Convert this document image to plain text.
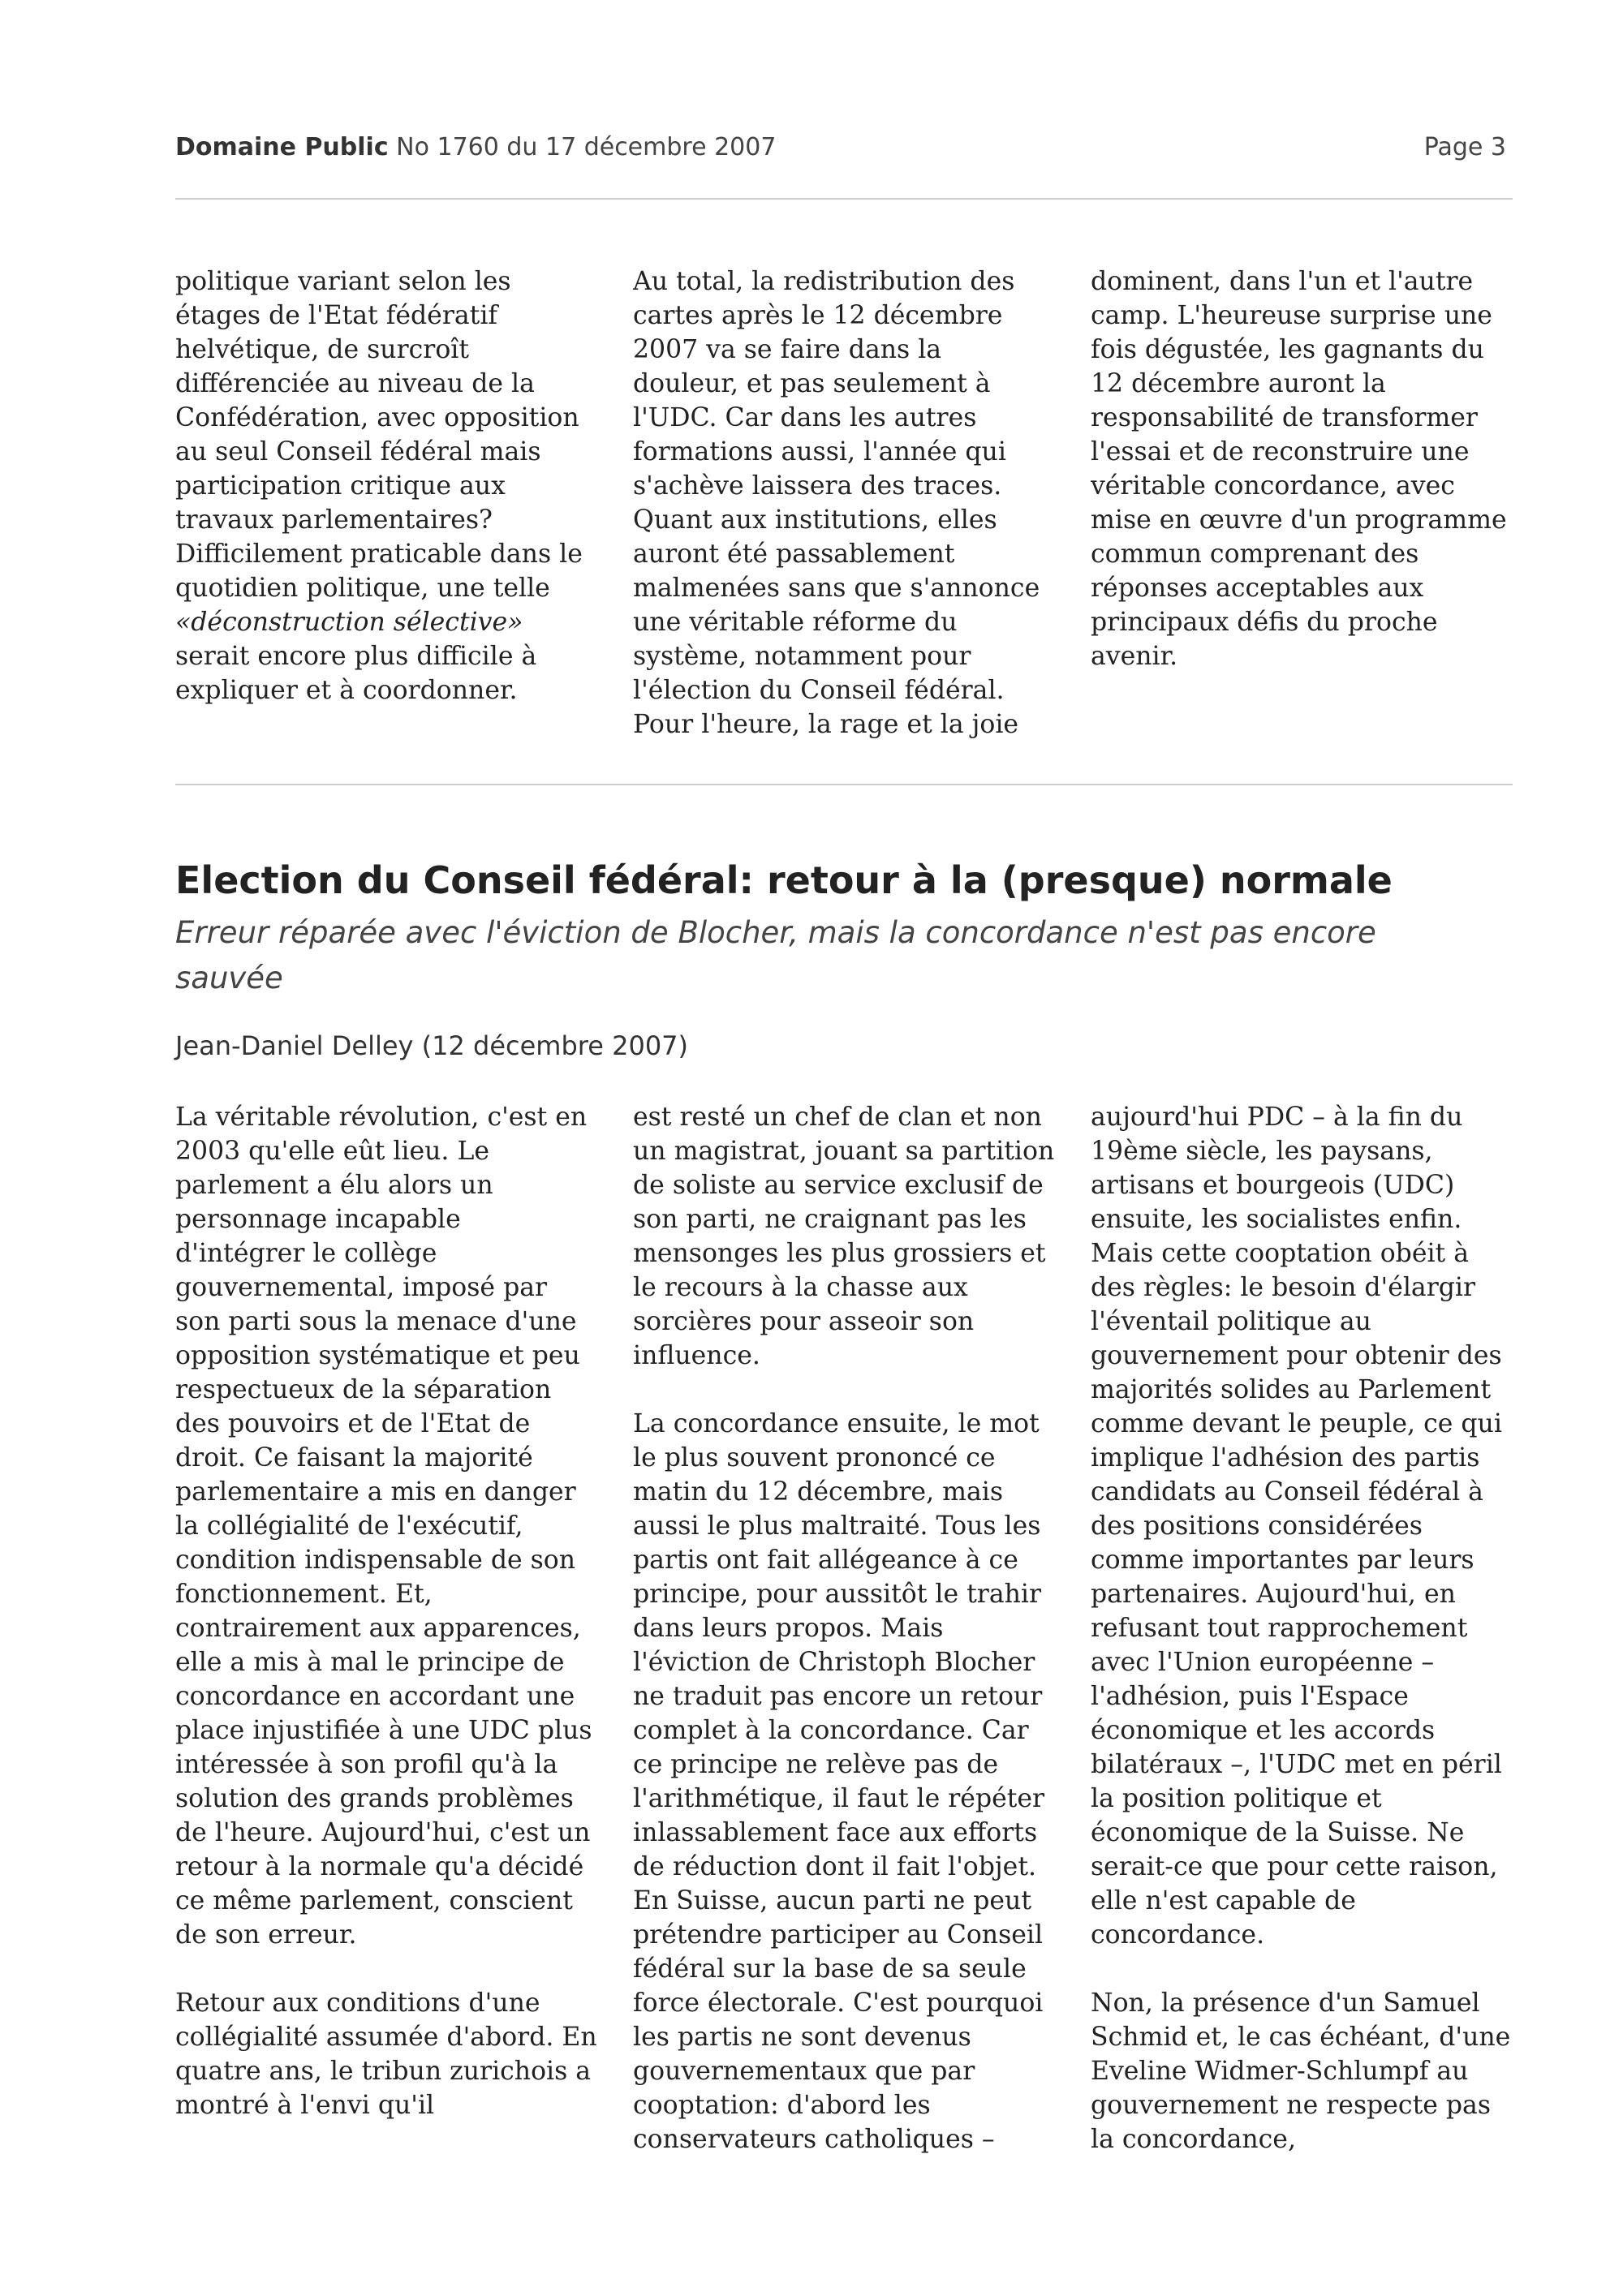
Domaine Public No 1760 du 17 décembre 2007	Page 3

politique variant selon les étages de l'Etat fédératif helvétique, de surcroît différenciée au niveau de la Confédération, avec opposition au seul Conseil fédéral mais participation critique aux travaux parlementaires? Difficilement praticable dans le quotidien politique, une telle «déconstruction sélective» serait encore plus difficile à expliquer et à coordonner.

Au total, la redistribution des cartes après le 12 décembre 2007 va se faire dans la douleur, et pas seulement à l'UDC. Car dans les autres formations aussi, l'année qui s'achève laissera des traces. Quant aux institutions, elles auront été passablement malmenées sans que s'annonce une véritable réforme du système, notamment pour l'élection du Conseil fédéral. Pour l'heure, la rage et la joie

dominent, dans l'un et l'autre camp. L'heureuse surprise une fois dégustée, les gagnants du 12 décembre auront la responsabilité de transformer l'essai et de reconstruire une véritable concordance, avec mise en œuvre d'un programme commun comprenant des réponses acceptables aux principaux défis du proche avenir.

Election du Conseil fédéral: retour à la (presque) normale
Erreur réparée avec l'éviction de Blocher, mais la concordance n'est pas encore sauvée
Jean-Daniel Delley (12 décembre 2007)

La véritable révolution, c'est en 2003 qu'elle eût lieu. Le parlement a élu alors un personnage incapable d'intégrer le collège gouvernemental, imposé par son parti sous la menace d'une opposition systématique et peu respectueux de la séparation des pouvoirs et de l'Etat de droit. Ce faisant la majorité parlementaire a mis en danger la collégialité de l'exécutif, condition indispensable de son fonctionnement. Et, contrairement aux apparences, elle a mis à mal le principe de concordance en accordant une place injustifiée à une UDC plus intéressée à son profil qu'à la solution des grands problèmes de l'heure. Aujourd'hui, c'est un retour à la normale qu'a décidé ce même parlement, conscient de son erreur.

Retour aux conditions d'une collégialité assumée d'abord. En quatre ans, le tribun zurichois a montré à l'envi qu'il

est resté un chef de clan et non un magistrat, jouant sa partition de soliste au service exclusif de son parti, ne craignant pas les mensonges les plus grossiers et le recours à la chasse aux sorcières pour asseoir son influence.

La concordance ensuite, le mot le plus souvent prononcé ce matin du 12 décembre, mais aussi le plus maltraité. Tous les partis ont fait allégeance à ce principe, pour aussitôt le trahir dans leurs propos. Mais l'éviction de Christoph Blocher ne traduit pas encore un retour complet à la concordance. Car ce principe ne relève pas de l'arithmétique, il faut le répéter inlassablement face aux efforts de réduction dont il fait l'objet. En Suisse, aucun parti ne peut prétendre participer au Conseil fédéral sur la base de sa seule force électorale. C'est pourquoi les partis ne sont devenus gouvernementaux que par cooptation: d'abord les conservateurs catholiques –

aujourd'hui PDC – à la fin du 19ème siècle, les paysans, artisans et bourgeois (UDC) ensuite, les socialistes enfin. Mais cette cooptation obéit à des règles: le besoin d'élargir l'éventail politique au gouvernement pour obtenir des majorités solides au Parlement comme devant le peuple, ce qui implique l'adhésion des partis candidats au Conseil fédéral à des positions considérées comme importantes par leurs partenaires. Aujourd'hui, en refusant tout rapprochement avec l'Union européenne – l'adhésion, puis l'Espace économique et les accords bilatéraux –, l'UDC met en péril la position politique et économique de la Suisse. Ne serait-ce que pour cette raison, elle n'est capable de concordance.

Non, la présence d'un Samuel Schmid et, le cas échéant, d'une Eveline Widmer-Schlumpf au gouvernement ne respecte pas la concordance,
